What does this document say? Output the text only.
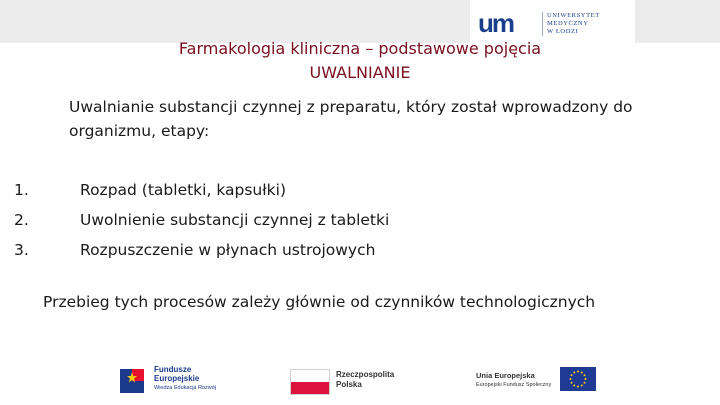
um	UNIWERSYTET
MEDYCZNY
W ŁODZI
Farmakologia kliniczna – podstawowe pojęcia
UWALNIANIE
Uwalnianie substancji czynnej z preparatu, który został wprowadzony do organizmu, etapy:
1.	Rozpad (tabletki, kapsułki)
2.	Uwolnienie substancji czynnej z tabletki
3.	Rozpuszczenie w płynach ustrojowych
Przebieg tych procesów zależy głównie od czynników technologicznych
Fundusze
Europejskie
Wiedza Edukacja Rozwój
Rzeczpospolita
Polska
Unia Europejska
Europejski Fundusz Społeczny
